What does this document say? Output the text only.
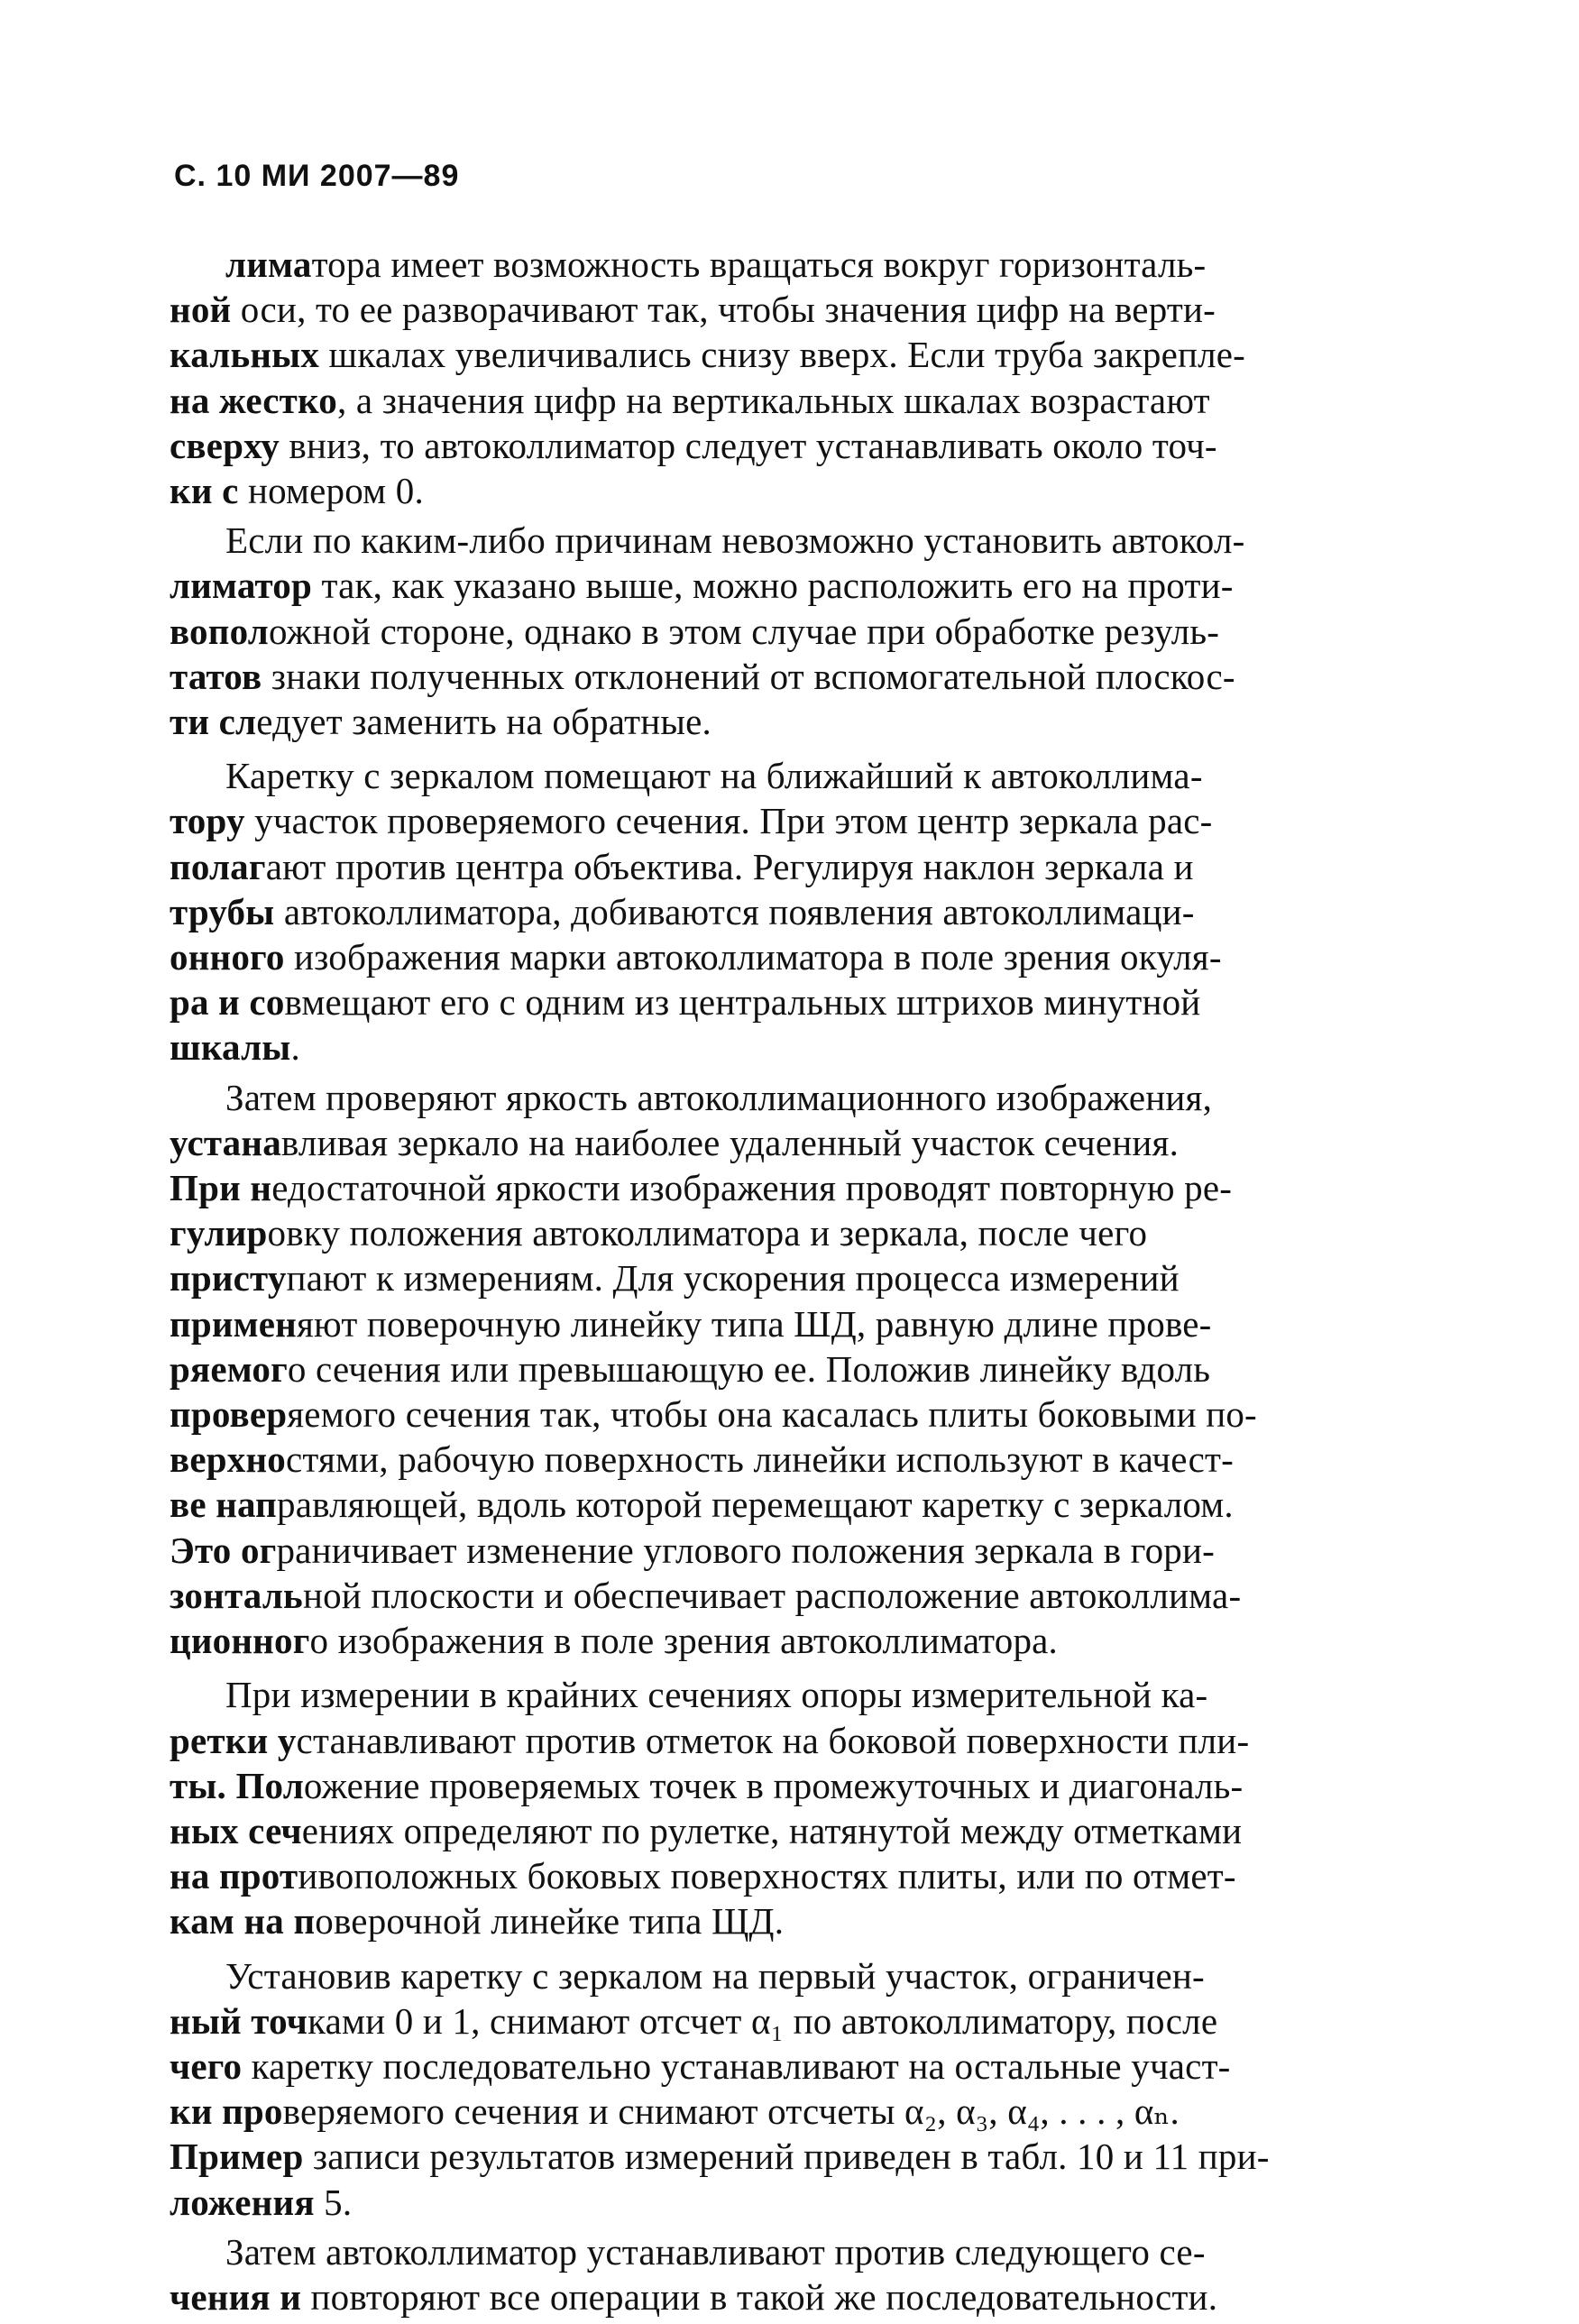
С. 10 МИ 2007—89
лиматора имеет возможность вращаться вокруг горизонталь-
ной оси, то ее разворачивают так, чтобы значения цифр на верти-
кальных шкалах увеличивались снизу вверх. Если труба закрепле-
на жестко, а значения цифр на вертикальных шкалах возрастают
сверху вниз, то автоколлиматор следует устанавливать около точ-
ки с номером 0.
Если по каким-либо причинам невозможно установить автокол-
лиматор так, как указано выше, можно расположить его на проти-
воположной стороне, однако в этом случае при обработке резуль-
татов знаки полученных отклонений от вспомогательной плоскос-
ти следует заменить на обратные.
Каретку с зеркалом помещают на ближайший к автоколлима-
тору участок проверяемого сечения. При этом центр зеркала рас-
полагают против центра объектива. Регулируя наклон зеркала и
трубы автоколлиматора, добиваются появления автоколлимаци-
онного изображения марки автоколлиматора в поле зрения окуля-
ра и совмещают его с одним из центральных штрихов минутной
шкалы.
Затем проверяют яркость автоколлимационного изображения,
устанавливая зеркало на наиболее удаленный участок сечения.
При недостаточной яркости изображения проводят повторную ре-
гулировку положения автоколлиматора и зеркала, после чего
приступают к измерениям. Для ускорения процесса измерений
применяют поверочную линейку типа ШД, равную длине прове-
ряемого сечения или превышающую ее. Положив линейку вдоль
проверяемого сечения так, чтобы она касалась плиты боковыми по-
верхностями, рабочую поверхность линейки используют в качест-
ве направляющей, вдоль которой перемещают каретку с зеркалом.
Это ограничивает изменение углового положения зеркала в гори-
зонтальной плоскости и обеспечивает расположение автоколлима-
ционного изображения в поле зрения автоколлиматора.
При измерении в крайних сечениях опоры измерительной ка-
ретки устанавливают против отметок на боковой поверхности пли-
ты. Положение проверяемых точек в промежуточных и диагональ-
ных сечениях определяют по рулетке, натянутой между отметками
на противоположных боковых поверхностях плиты, или по отмет-
кам на поверочной линейке типа ЩД.
Установив каретку с зеркалом на первый участок, ограничен-
ный точками 0 и 1, снимают отсчет α₁ по автоколлиматору, после
чего каретку последовательно устанавливают на остальные участ-
ки проверяемого сечения и снимают отсчеты α₂, α₃, α₄, . . . , αₙ.
Пример записи результатов измерений приведен в табл. 10 и 11 при-
ложения 5.
Затем автоколлиматор устанавливают против следующего се-
чения и повторяют все операции в такой же последовательности.
